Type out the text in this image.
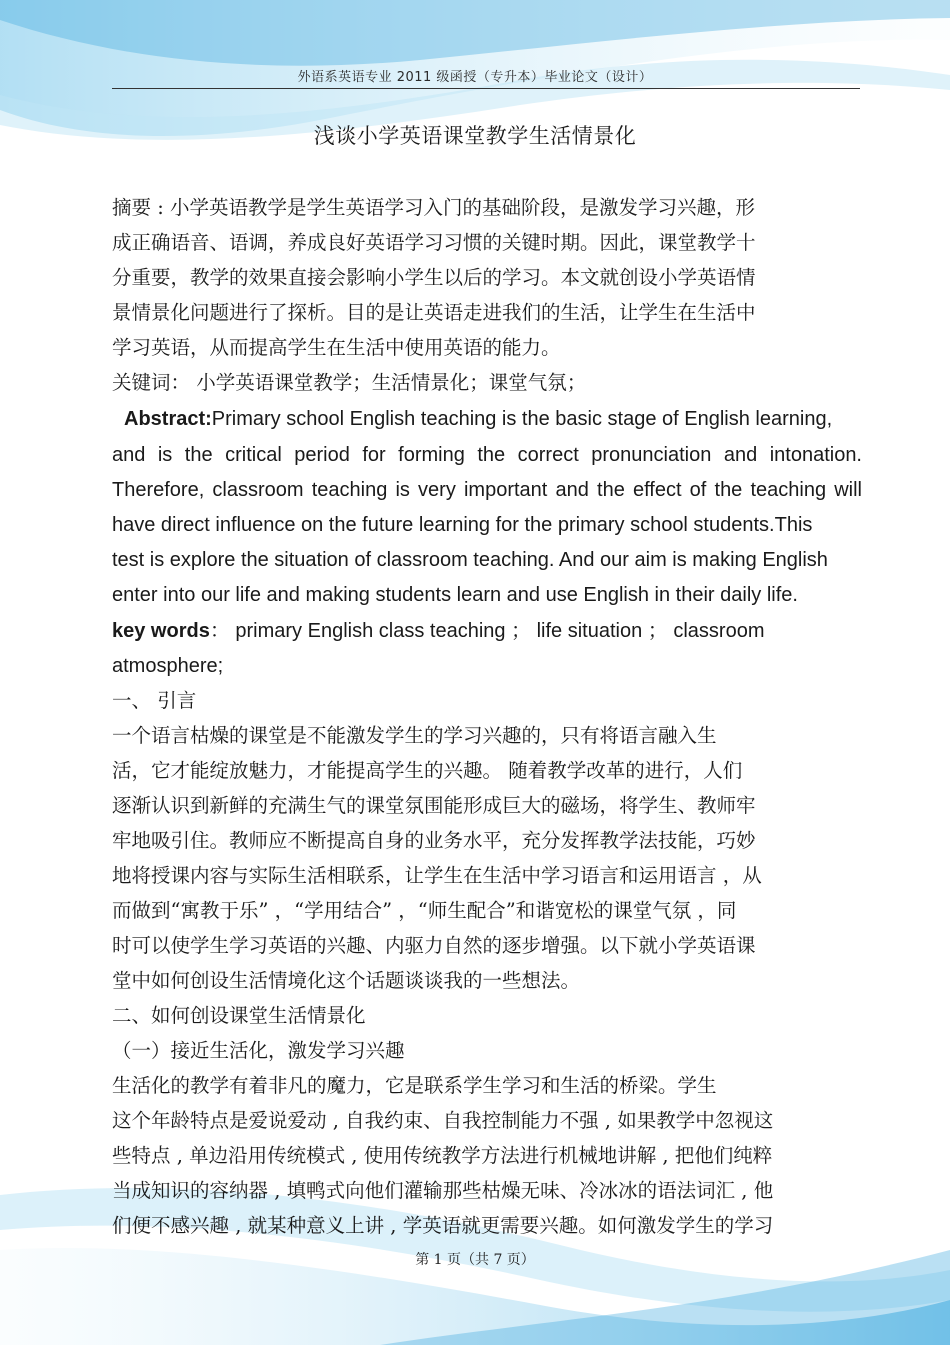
外语系英语专业 2011 级函授（专升本）毕业论文（设计）
浅谈小学英语课堂教学生活情景化
摘要 : 小学英语教学是学生英语学习入门的基础阶段，是激发学习兴趣，形
成正确语音、语调，养成良好英语学习习惯的关键时期。因此，课堂教学十
分重要，教学的效果直接会影响小学生以后的学习。本文就创设小学英语情
景情景化问题进行了探析。目的是让英语走进我们的生活，让学生在生活中
学习英语，从而提高学生在生活中使用英语的能力。
关键词： 小学英语课堂教学；生活情景化；课堂气氛；
Abstract:Primary school English teaching is the basic stage of English learning,
and is the critical period for forming the correct pronunciation and intonation.
Therefore, classroom teaching is very important and the effect of the teaching will
have direct influence on the future learning for the primary school students.This
test is explore the situation of classroom teaching. And our aim is making English
enter into our life and making students learn and use English in their daily life.
key words： primary English class teaching ； life situation ； classroom
atmosphere;
一、 引言
一个语言枯燥的课堂是不能激发学生的学习兴趣的，只有将语言融入生
活，它才能绽放魅力，才能提高学生的兴趣。 随着教学改革的进行，人们
逐渐认识到新鲜的充满生气的课堂氛围能形成巨大的磁场，将学生、教师牢
牢地吸引住。教师应不断提高自身的业务水平，充分发挥教学法技能，巧妙
地将授课内容与实际生活相联系，让学生在生活中学习语言和运用语言 ，从
而做到“寓教于乐” ，“学用结合” ，“师生配合”和谐宽松的课堂气氛 ，同
时可以使学生学习英语的兴趣、内驱力自然的逐步增强。以下就小学英语课
堂中如何创设生活情境化这个话题谈谈我的一些想法。
二、如何创设课堂生活情景化
（一）接近生活化，激发学习兴趣
生活化的教学有着非凡的魔力，它是联系学生学习和生活的桥梁。学生
这个年龄特点是爱说爱动 , 自我约束、自我控制能力不强 , 如果教学中忽视这
些特点 , 单边沿用传统模式 , 使用传统教学方法进行机械地讲解 , 把他们纯粹
当成知识的容纳器 , 填鸭式向他们灌输那些枯燥无味、冷冰冰的语法词汇 , 他
们便不感兴趣 , 就某种意义上讲 , 学英语就更需要兴趣。如何激发学生的学习
第 1 页（共 7 页）
